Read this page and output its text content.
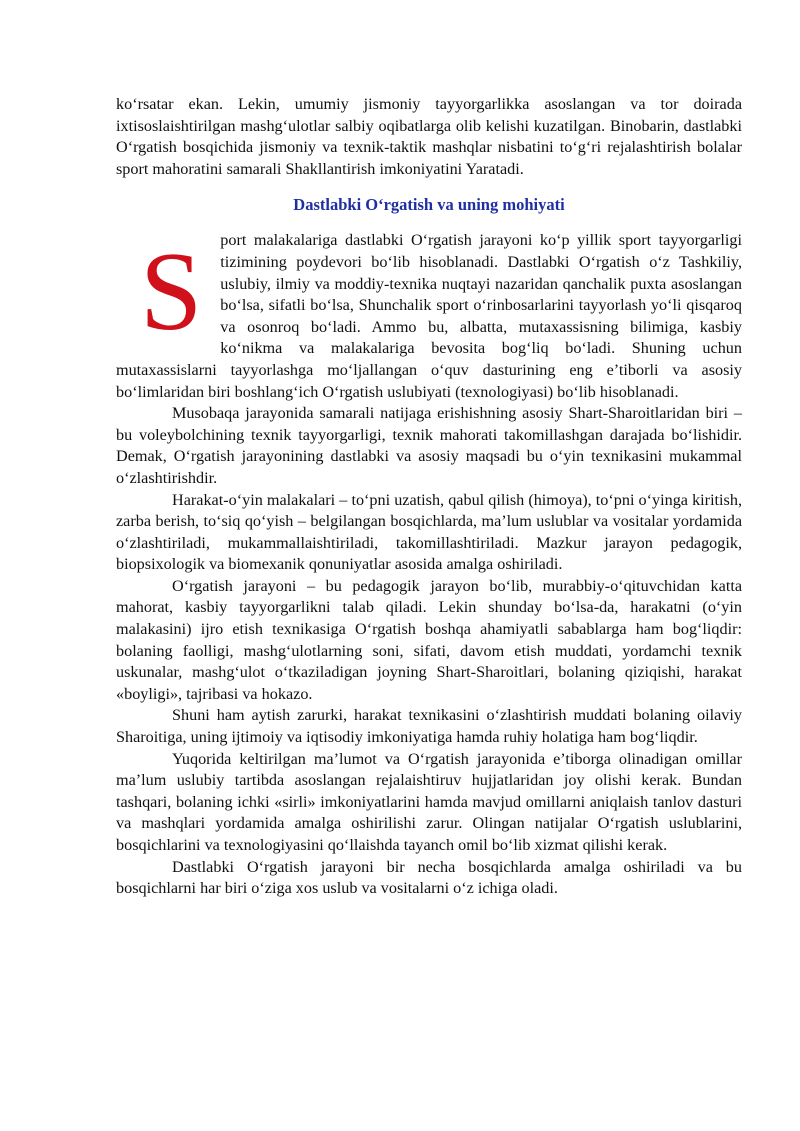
ko‘rsatar ekan. Lekin, umumiy jismoniy tayyorgarlikka asoslangan va tor doirada ixtisoslaishtirilgan mashg‘ulotlar salbiy oqibatlarga olib kelishi kuzatilgan. Binobarin, dastlabki O‘rgatish bosqichida jismoniy va texnik-taktik mashqlar nisbatini to‘g‘ri rejalashtirish bolalar sport mahoratini samarali Shakllantirish imkoniyatini Yaratadi.

Dastlabki O‘rgatish va uning mohiyati

S port malakalariga dastlabki O‘rgatish jarayoni ko‘p yillik sport tayyorgarligi tizimining poydevori bo‘lib hisoblanadi. Dastlabki O‘rgatish o‘z Tashkiliy, uslubiy, ilmiy va moddiy-texnika nuqtayi nazaridan qanchalik puxta asoslangan bo‘lsa, sifatli bo‘lsa, Shunchalik sport o‘rinbosarlarini tayyorlash yo‘li qisqaroq va osonroq bo‘ladi. Ammo bu, albatta, mutaxassisning bilimiga, kasbiy ko‘nikma va malakalariga bevosita bog‘liq bo‘ladi. Shuning uchun mutaxassislarni tayyorlashga mo‘ljallangan o‘quv dasturining eng e’tiborli va asosiy bo‘limlaridan biri boshlang‘ich O‘rgatish uslubiyati (texnologiyasi) bo‘lib hisoblanadi.

Musobaqa jarayonida samarali natijaga erishishning asosiy Shart-Sharoitlaridan biri – bu voleybolchining texnik tayyorgarligi, texnik mahorati takomillashgan darajada bo‘lishidir. Demak, O‘rgatish jarayonining dastlabki va asosiy maqsadi bu o‘yin texnikasini mukammal o‘zlashtirishdir.

Harakat-o‘yin malakalari – to‘pni uzatish, qabul qilish (himoya), to‘pni o‘yinga kiritish, zarba berish, to‘siq qo‘yish – belgilangan bosqichlarda, ma’lum uslublar va vositalar yordamida o‘zlashtiriladi, mukammallaishtiriladi, takomillashtiriladi. Mazkur jarayon pedagogik, biopsixologik va biomexanik qonuniyatlar asosida amalga oshiriladi.

O‘rgatish jarayoni – bu pedagogik jarayon bo‘lib, murabbiy-o‘qituvchidan katta mahorat, kasbiy tayyorgarlikni talab qiladi. Lekin shunday bo‘lsa-da, harakatni (o‘yin malakasini) ijro etish texnikasiga O‘rgatish boshqa ahamiyatli sabablarga ham bog‘liqdir: bolaning faolligi, mashg‘ulotlarning soni, sifati, davom etish muddati, yordamchi texnik uskunalar, mashg‘ulot o‘tkaziladigan joyning Shart-Sharoitlari, bolaning qiziqishi, harakat «boyligi», tajribasi va hokazo.

Shuni ham aytish zarurki, harakat texnikasini o‘zlashtirish muddati bolaning oilaviy Sharoitiga, uning ijtimoiy va iqtisodiy imkoniyatiga hamda ruhiy holatiga ham bog‘liqdir.

Yuqorida keltirilgan ma’lumot va O‘rgatish jarayonida e’tiborga olinadigan omillar ma’lum uslubiy tartibda asoslangan rejalaishtiruv hujjatlaridan joy olishi kerak. Bundan tashqari, bolaning ichki «sirli» imkoniyatlarini hamda mavjud omillarni aniqlaish tanlov dasturi va mashqlari yordamida amalga oshirilishi zarur. Olingan natijalar O‘rgatish uslublarini, bosqichlarini va texnologiyasini qo‘llaishda tayanch omil bo‘lib xizmat qilishi kerak.

Dastlabki O‘rgatish jarayoni bir necha bosqichlarda amalga oshiriladi va bu bosqichlarni har biri o‘ziga xos uslub va vositalarni o‘z ichiga oladi.
